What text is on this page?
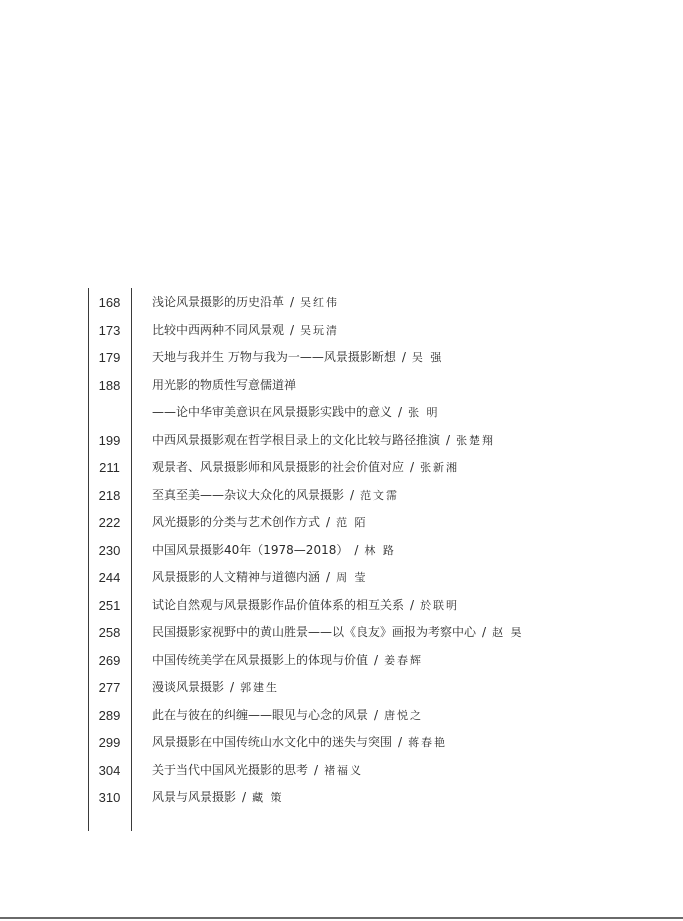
168	浅论风景摄影的历史沿革 / 吴红伟
173	比较中西两种不同风景观 / 吴玩清
179	天地与我并生 万物与我为一——风景摄影断想 / 吴 强
188	用光影的物质性写意儒道禅
——论中华审美意识在风景摄影实践中的意义 / 张 明
199	中西风景摄影观在哲学根目录上的文化比较与路径推演 / 张楚翔
211	观景者、风景摄影师和风景摄影的社会价值对应 / 张新湘
218	至真至美——杂议大众化的风景摄影 / 范文霈
222	风光摄影的分类与艺术创作方式 / 范 陌
230	中国风景摄影40年（1978—2018） / 林 路
244	风景摄影的人文精神与道德内涵 / 周 莹
251	试论自然观与风景摄影作品价值体系的相互关系 / 於联明
258	民国摄影家视野中的黄山胜景——以《良友》画报为考察中心 / 赵 昊
269	中国传统美学在风景摄影上的体现与价值 / 姜春辉
277	漫谈风景摄影 / 郭建生
289	此在与彼在的纠缠——眼见与心念的风景 / 唐悦之
299	风景摄影在中国传统山水文化中的迷失与突围 / 蒋春艳
304	关于当代中国风光摄影的思考 / 褚福义
310	风景与风景摄影 / 藏 策
